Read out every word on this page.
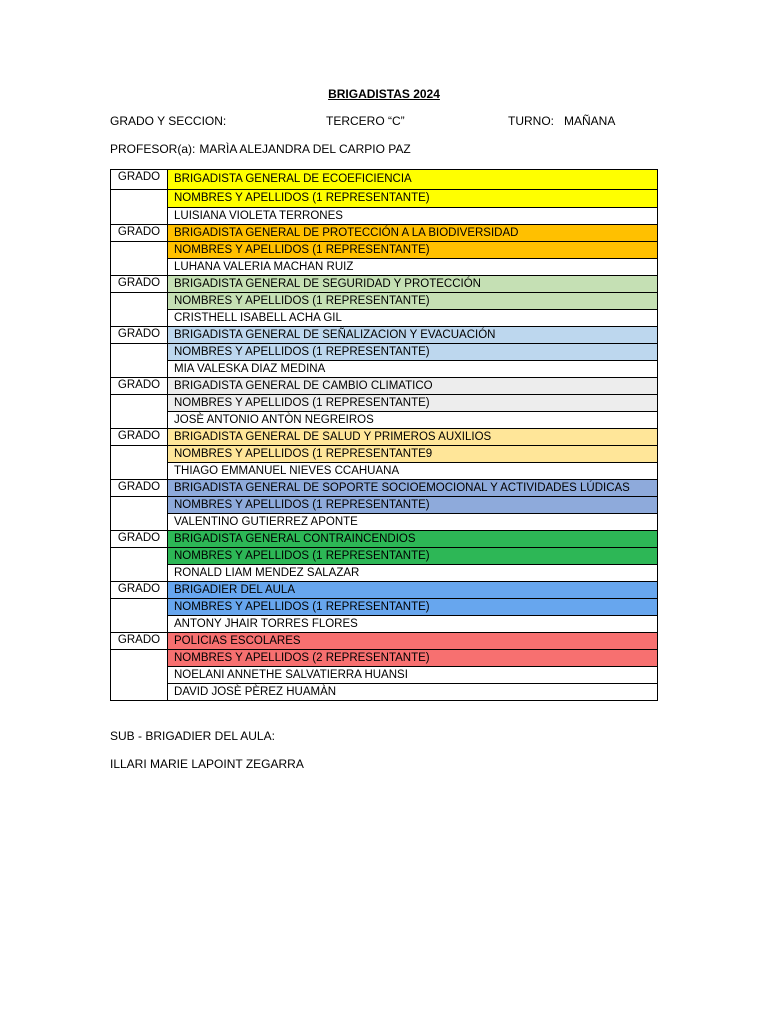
BRIGADISTAS 2024
GRADO Y SECCION:	TERCERO “C”	TURNO: MAÑANA
PROFESOR(a): MARÌA ALEJANDRA DEL CARPIO PAZ
GRADO	BRIGADISTA GENERAL DE ECOEFICIENCIA
	NOMBRES Y APELLIDOS (1 REPRESENTANTE)
	LUISIANA VIOLETA TERRONES
GRADO	BRIGADISTA GENERAL DE PROTECCIÓN A LA BIODIVERSIDAD
	NOMBRES Y APELLIDOS (1 REPRESENTANTE)
	LUHANA VALERIA MACHAN RUIZ
GRADO	BRIGADISTA GENERAL DE SEGURIDAD Y PROTECCIÓN
	NOMBRES Y APELLIDOS (1 REPRESENTANTE)
	CRISTHELL ISABELL ACHA GIL
GRADO	BRIGADISTA GENERAL DE SEÑALIZACION Y EVACUACIÓN
	NOMBRES Y APELLIDOS (1 REPRESENTANTE)
	MIA VALESKA DIAZ MEDINA
GRADO	BRIGADISTA GENERAL DE CAMBIO CLIMATICO
	NOMBRES Y APELLIDOS (1 REPRESENTANTE)
	JOSÈ ANTONIO ANTÒN NEGREIROS
GRADO	BRIGADISTA GENERAL DE SALUD Y PRIMEROS AUXILIOS
	NOMBRES Y APELLIDOS (1 REPRESENTANTE9
	THIAGO EMMANUEL NIEVES CCAHUANA
GRADO	BRIGADISTA GENERAL DE SOPORTE SOCIOEMOCIONAL Y ACTIVIDADES LÚDICAS
	NOMBRES Y APELLIDOS (1 REPRESENTANTE)
	VALENTINO GUTIERREZ APONTE
GRADO	BRIGADISTA GENERAL CONTRAINCENDIOS
	NOMBRES Y APELLIDOS (1 REPRESENTANTE)
	RONALD LIAM MENDEZ SALAZAR
GRADO	BRIGADIER DEL AULA
	NOMBRES Y APELLIDOS (1 REPRESENTANTE)
	ANTONY JHAIR TORRES FLORES
GRADO	POLICIAS ESCOLARES
	NOMBRES Y APELLIDOS (2 REPRESENTANTE)
	NOELANI ANNETHE SALVATIERRA HUANSI
	DAVID JOSÈ PÈREZ HUAMÀN
SUB - BRIGADIER DEL AULA:
ILLARI MARIE LAPOINT ZEGARRA
